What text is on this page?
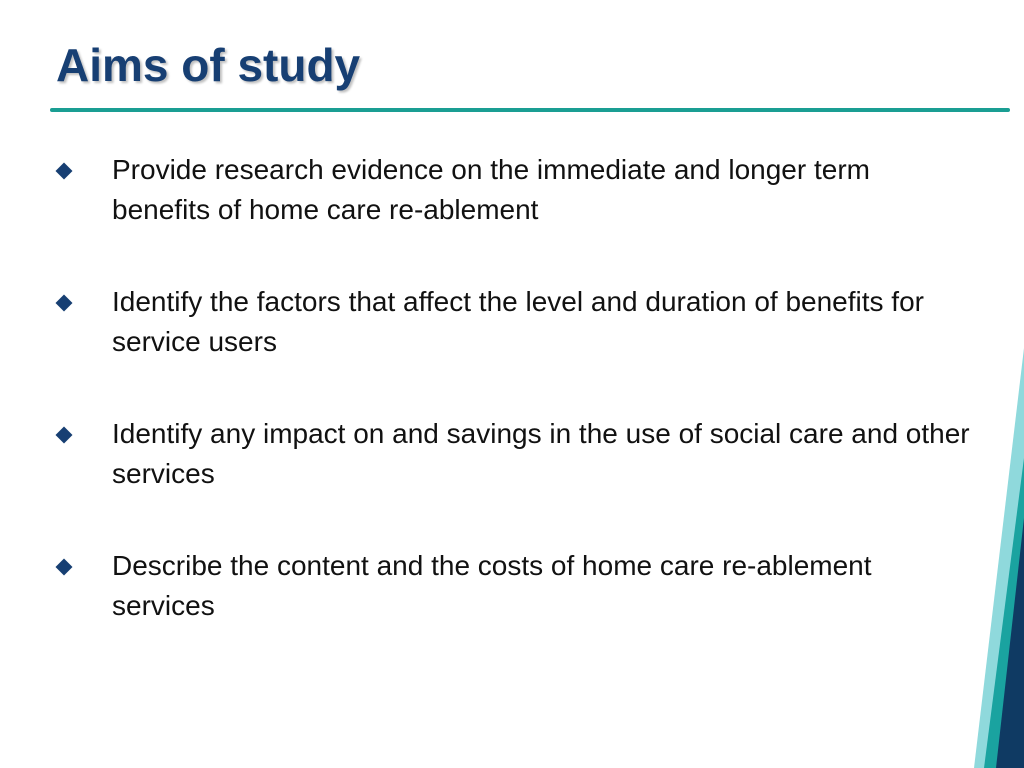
Aims of study
Provide research evidence on the immediate and longer term benefits of home care re-ablement
Identify the factors that affect the level and duration of benefits for service users
Identify any impact on and savings in the use of social care and other services
Describe the content and the costs of home care re-ablement services
